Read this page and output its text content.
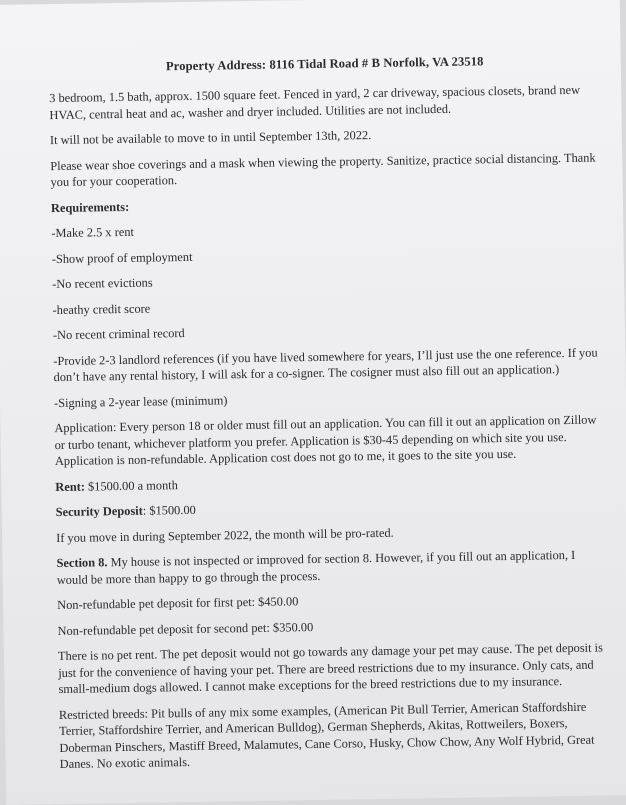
Property Address: 8116 Tidal Road # B Norfolk, VA 23518

3 bedroom, 1.5 bath, approx. 1500 square feet. Fenced in yard, 2 car driveway, spacious closets, brand new HVAC, central heat and ac, washer and dryer included. Utilities are not included.

It will not be available to move to in until September 13th, 2022.

Please wear shoe coverings and a mask when viewing the property. Sanitize, practice social distancing. Thank you for your cooperation.

Requirements:

-Make 2.5 x rent

-Show proof of employment

-No recent evictions

-heathy credit score

-No recent criminal record

-Provide 2-3 landlord references (if you have lived somewhere for years, I’ll just use the one reference. If you don’t have any rental history, I will ask for a co-signer. The cosigner must also fill out an application.)

-Signing a 2-year lease (minimum)

Application: Every person 18 or older must fill out an application. You can fill it out an application on Zillow or turbo tenant, whichever platform you prefer. Application is $30-45 depending on which site you use. Application is non-refundable. Application cost does not go to me, it goes to the site you use.

Rent: $1500.00 a month

Security Deposit: $1500.00

If you move in during September 2022, the month will be pro-rated.

Section 8. My house is not inspected or improved for section 8. However, if you fill out an application, I would be more than happy to go through the process.

Non-refundable pet deposit for first pet: $450.00

Non-refundable pet deposit for second pet: $350.00

There is no pet rent. The pet deposit would not go towards any damage your pet may cause. The pet deposit is just for the convenience of having your pet. There are breed restrictions due to my insurance. Only cats, and small-medium dogs allowed. I cannot make exceptions for the breed restrictions due to my insurance.

Restricted breeds: Pit bulls of any mix some examples, (American Pit Bull Terrier, American Staffordshire Terrier, Staffordshire Terrier, and American Bulldog), German Shepherds, Akitas, Rottweilers, Boxers, Doberman Pinschers, Mastiff Breed, Malamutes, Cane Corso, Husky, Chow Chow, Any Wolf Hybrid, Great Danes. No exotic animals.
